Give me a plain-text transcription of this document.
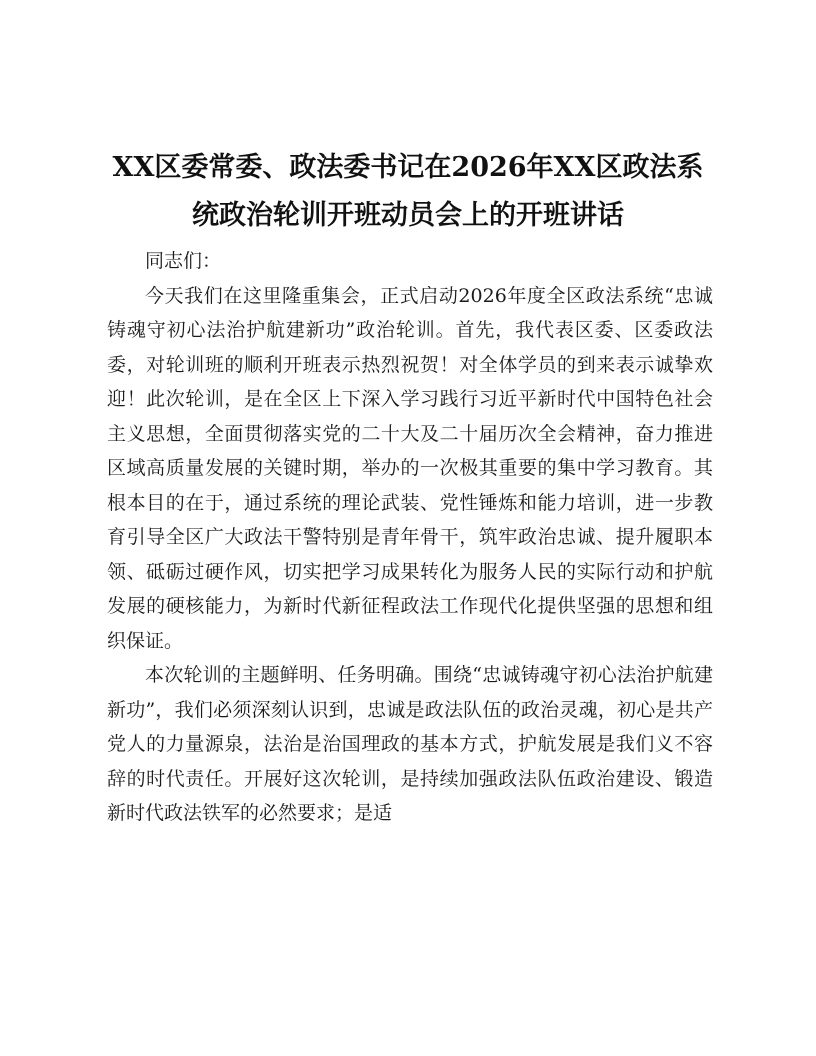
XX区委常委、政法委书记在2026年XX区政法系统政治轮训开班动员会上的开班讲话

同志们：

今天我们在这里隆重集会，正式启动2026年度全区政法系统“忠诚铸魂守初心法治护航建新功”政治轮训。首先，我代表区委、区委政法委，对轮训班的顺利开班表示热烈祝贺！对全体学员的到来表示诚挚欢迎！此次轮训，是在全区上下深入学习践行习近平新时代中国特色社会主义思想，全面贯彻落实党的二十大及二十届历次全会精神，奋力推进区域高质量发展的关键时期，举办的一次极其重要的集中学习教育。其根本目的在于，通过系统的理论武装、党性锤炼和能力培训，进一步教育引导全区广大政法干警特别是青年骨干，筑牢政治忠诚、提升履职本领、砥砺过硬作风，切实把学习成果转化为服务人民的实际行动和护航发展的硬核能力，为新时代新征程政法工作现代化提供坚强的思想和组织保证。

本次轮训的主题鲜明、任务明确。围绕“忠诚铸魂守初心法治护航建新功”，我们必须深刻认识到，忠诚是政法队伍的政治灵魂，初心是共产党人的力量源泉，法治是治国理政的基本方式，护航发展是我们义不容辞的时代责任。开展好这次轮训，是持续加强政法队伍政治建设、锻造新时代政法铁军的必然要求；是适
